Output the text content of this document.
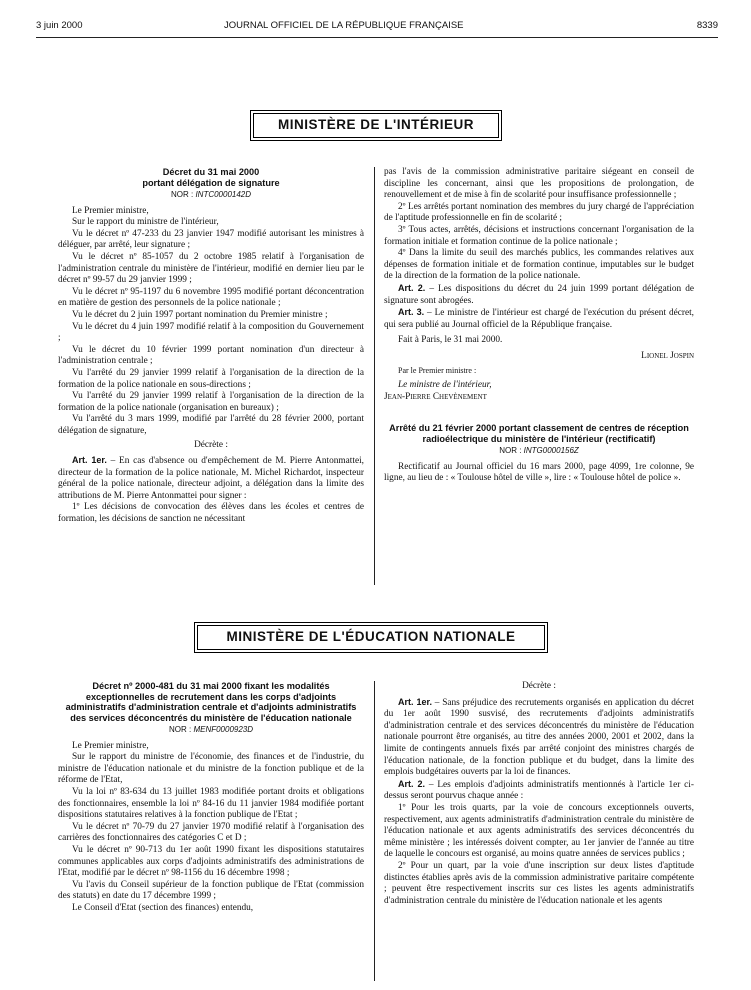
3 juin 2000	JOURNAL OFFICIEL DE LA RÉPUBLIQUE FRANÇAISE	8339
MINISTÈRE DE L'INTÉRIEUR
Décret du 31 mai 2000
portant délégation de signature
NOR : INTC0000142D

Le Premier ministre,

Sur le rapport du ministre de l'intérieur,

Vu le décret nº 47-233 du 23 janvier 1947 modifié autorisant les ministres à déléguer, par arrêté, leur signature ;

Vu le décret nº 85-1057 du 2 octobre 1985 relatif à l'organisation de l'administration centrale du ministère de l'intérieur, modifié en dernier lieu par le décret nº 99-57 du 29 janvier 1999 ;

Vu le décret nº 95-1197 du 6 novembre 1995 modifié portant déconcentration en matière de gestion des personnels de la police nationale ;

Vu le décret du 2 juin 1997 portant nomination du Premier ministre ;

Vu le décret du 4 juin 1997 modifié relatif à la composition du Gouvernement ;

Vu le décret du 10 février 1999 portant nomination d'un directeur à l'administration centrale ;

Vu l'arrêté du 29 janvier 1999 relatif à l'organisation de la direction de la formation de la police nationale en sous-directions ;

Vu l'arrêté du 29 janvier 1999 relatif à l'organisation de la direction de la formation de la police nationale (organisation en bureaux) ;

Vu l'arrêté du 3 mars 1999, modifié par l'arrêté du 28 février 2000, portant délégation de signature,

Décrète :

Art. 1er. – En cas d'absence ou d'empêchement de M. Pierre Antonmattei, directeur de la formation de la police nationale, M. Michel Richardot, inspecteur général de la police nationale, directeur adjoint, a délégation dans la limite des attributions de M. Pierre Antonmattei pour signer :

1º Les décisions de convocation des élèves dans les écoles et centres de formation, les décisions de sanction ne nécessitant

pas l'avis de la commission administrative paritaire siégeant en conseil de discipline les concernant, ainsi que les propositions de prolongation, de renouvellement et de mise à fin de scolarité pour insuffisance professionnelle ;

2º Les arrêtés portant nomination des membres du jury chargé de l'appréciation de l'aptitude professionnelle en fin de scolarité ;

3º Tous actes, arrêtés, décisions et instructions concernant l'organisation de la formation initiale et formation continue de la police nationale ;

4º Dans la limite du seuil des marchés publics, les commandes relatives aux dépenses de formation initiale et de formation continue, imputables sur le budget de la direction de la formation de la police nationale.

Art. 2. – Les dispositions du décret du 24 juin 1999 portant délégation de signature sont abrogées.

Art. 3. – Le ministre de l'intérieur est chargé de l'exécution du présent décret, qui sera publié au Journal officiel de la République française.

Fait à Paris, le 31 mai 2000.

Lionel Jospin

Par le Premier ministre :

Le ministre de l'intérieur,

Jean-Pierre Chevènement

Arrêté du 21 février 2000 portant classement de centres de réception radioélectrique du ministère de l'intérieur (rectificatif)
NOR : INTG0000156Z

Rectificatif au Journal officiel du 16 mars 2000, page 4099, 1re colonne, 9e ligne, au lieu de : « Toulouse hôtel de ville », lire : « Toulouse hôtel de police ».

MINISTÈRE DE L'ÉDUCATION NATIONALE
Décret nº 2000-481 du 31 mai 2000 fixant les modalités exceptionnelles de recrutement dans les corps d'adjoints administratifs d'administration centrale et d'adjoints administratifs des services déconcentrés du ministère de l'éducation nationale
NOR : MENF0000923D

Le Premier ministre,

Sur le rapport du ministre de l'économie, des finances et de l'industrie, du ministre de l'éducation nationale et du ministre de la fonction publique et de la réforme de l'Etat,

Vu la loi nº 83-634 du 13 juillet 1983 modifiée portant droits et obligations des fonctionnaires, ensemble la loi nº 84-16 du 11 janvier 1984 modifiée portant dispositions statutaires relatives à la fonction publique de l'Etat ;

Vu le décret nº 70-79 du 27 janvier 1970 modifié relatif à l'organisation des carrières des fonctionnaires des catégories C et D ;

Vu le décret nº 90-713 du 1er août 1990 fixant les dispositions statutaires communes applicables aux corps d'adjoints administratifs des administrations de l'Etat, modifié par le décret nº 98-1156 du 16 décembre 1998 ;

Vu l'avis du Conseil supérieur de la fonction publique de l'Etat (commission des statuts) en date du 17 décembre 1999 ;

Le Conseil d'Etat (section des finances) entendu,

Décrète :

Art. 1er. – Sans préjudice des recrutements organisés en application du décret du 1er août 1990 susvisé, des recrutements d'adjoints administratifs d'administration centrale et des services déconcentrés du ministère de l'éducation nationale pourront être organisés, au titre des années 2000, 2001 et 2002, dans la limite de contingents annuels fixés par arrêté conjoint des ministres chargés de l'éducation nationale, de la fonction publique et du budget, dans la limite des emplois budgétaires ouverts par la loi de finances.

Art. 2. – Les emplois d'adjoints administratifs mentionnés à l'article 1er ci-dessus seront pourvus chaque année :

1º Pour les trois quarts, par la voie de concours exceptionnels ouverts, respectivement, aux agents administratifs d'administration centrale du ministère de l'éducation nationale et aux agents administratifs des services déconcentrés du même ministère ; les intéressés doivent compter, au 1er janvier de l'année au titre de laquelle le concours est organisé, au moins quatre années de services publics ;

2º Pour un quart, par la voie d'une inscription sur deux listes d'aptitude distinctes établies après avis de la commission administrative paritaire compétente ; peuvent être respectivement inscrits sur ces listes les agents administratifs d'administration centrale du ministère de l'éducation nationale et les agents
